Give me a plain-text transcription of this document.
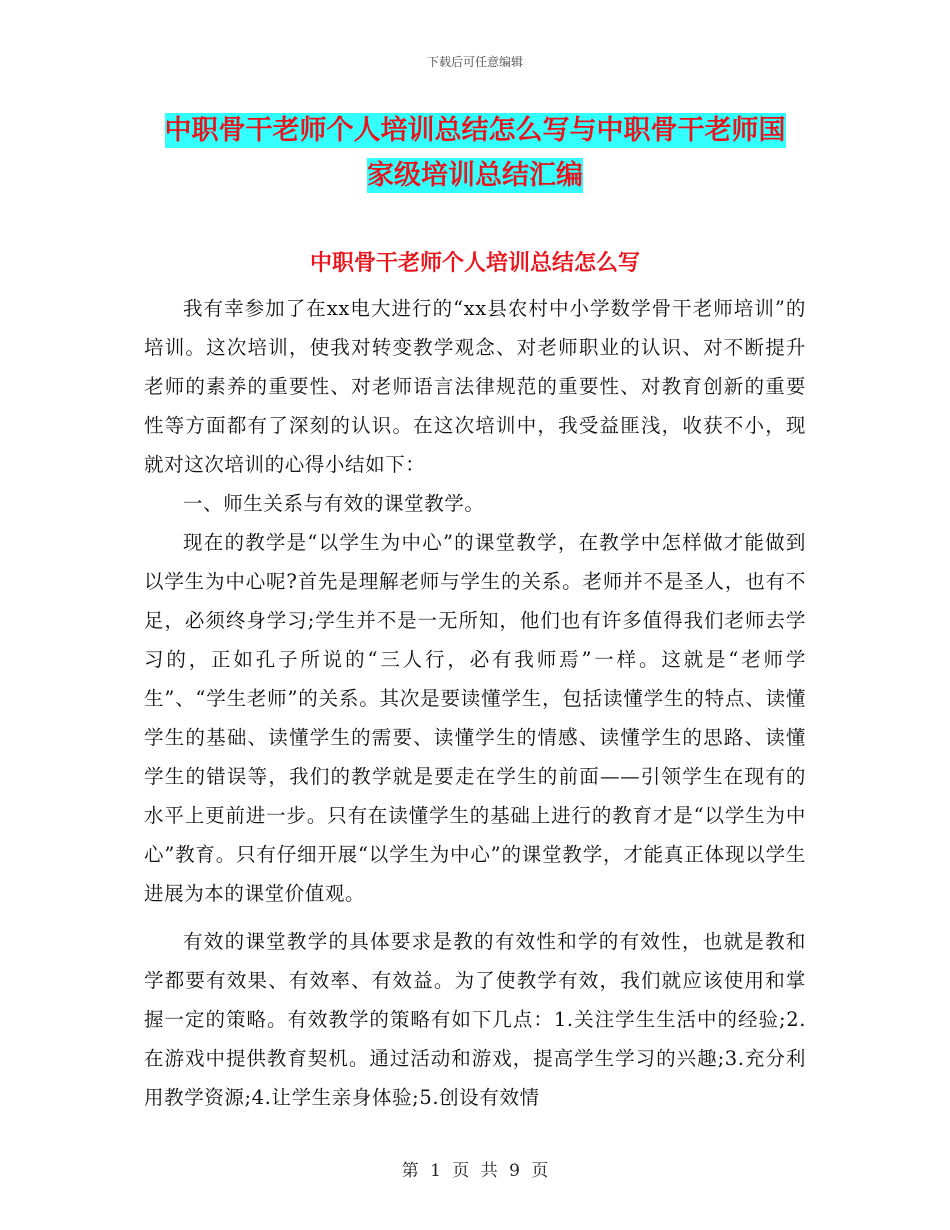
下载后可任意编辑
中职骨干老师个人培训总结怎么写与中职骨干老师国
家级培训总结汇编
中职骨干老师个人培训总结怎么写

我有幸参加了在xx电大进行的“xx县农村中小学数学骨干老师培训”的培训。这次培训，使我对转变教学观念、对老师职业的认识、对不断提升老师的素养的重要性、对老师语言法律规范的重要性、对教育创新的重要性等方面都有了深刻的认识。在这次培训中，我受益匪浅，收获不小，现就对这次培训的心得小结如下：

一、师生关系与有效的课堂教学。

现在的教学是“以学生为中心”的课堂教学，在教学中怎样做才能做到以学生为中心呢?首先是理解老师与学生的关系。老师并不是圣人，也有不足，必须终身学习;学生并不是一无所知，他们也有许多值得我们老师去学习的，正如孔子所说的“三人行，必有我师焉”一样。这就是“老师学生”、“学生老师”的关系。其次是要读懂学生，包括读懂学生的特点、读懂学生的基础、读懂学生的需要、读懂学生的情感、读懂学生的思路、读懂学生的错误等，我们的教学就是要走在学生的前面——引领学生在现有的水平上更前进一步。只有在读懂学生的基础上进行的教育才是“以学生为中心”教育。只有仔细开展“以学生为中心”的课堂教学，才能真正体现以学生进展为本的课堂价值观。

有效的课堂教学的具体要求是教的有效性和学的有效性，也就是教和学都要有效果、有效率、有效益。为了使教学有效，我们就应该使用和掌握一定的策略。有效教学的策略有如下几点：1.关注学生生活中的经验;2.在游戏中提供教育契机。通过活动和游戏，提高学生学习的兴趣;3.充分利用教学资源;4.让学生亲身体验;5.创设有效情

第 1 页 共 9 页
